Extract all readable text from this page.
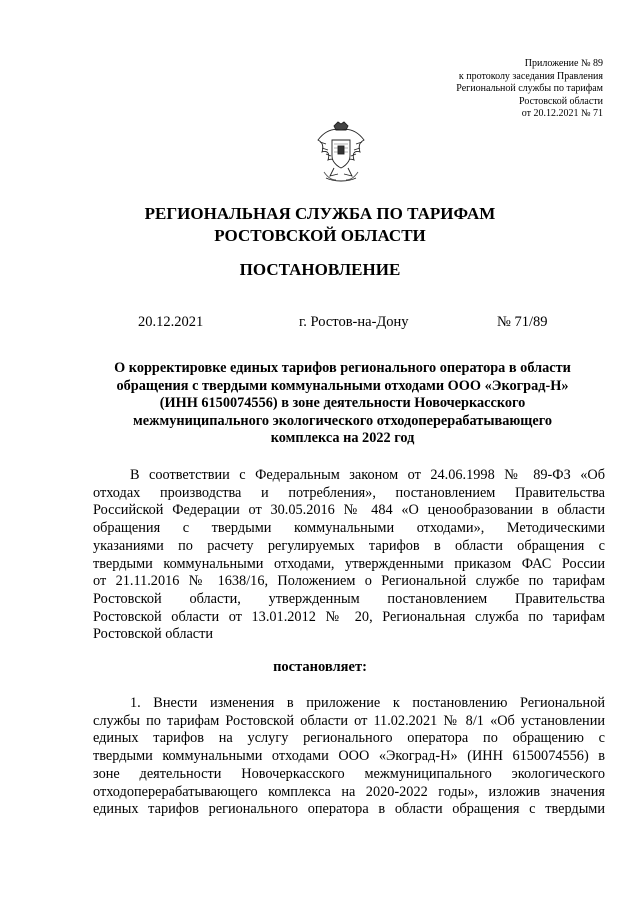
Приложение № 89
к протоколу заседания Правления
Региональной службы по тарифам
Ростовской области
от 20.12.2021 № 71
РЕГИОНАЛЬНАЯ СЛУЖБА ПО ТАРИФАМ
РОСТОВСКОЙ ОБЛАСТИ
ПОСТАНОВЛЕНИЕ
20.12.2021	г. Ростов-на-Дону	№ 71/89
О корректировке единых тарифов регионального оператора в области
обращения с твердыми коммунальными отходами ООО «Экоград-Н»
(ИНН 6150074556) в зоне деятельности Новочеркасского
межмуниципального экологического отходоперерабатывающего
комплекса на 2022 год
В соответствии с Федеральным законом от 24.06.1998 № 89-ФЗ «Об
отходах производства и потребления», постановлением Правительства
Российской Федерации от 30.05.2016 № 484 «О ценообразовании в области
обращения с твердыми коммунальными отходами», Методическими
указаниями по расчету регулируемых тарифов в области обращения с
твердыми коммунальными отходами, утвержденными приказом ФАС России
от 21.11.2016 № 1638/16, Положением о Региональной службе по тарифам
Ростовской области, утвержденным постановлением Правительства
Ростовской области от 13.01.2012 № 20, Региональная служба по тарифам
Ростовской области
постановляет:
1. Внести изменения в приложение к постановлению Региональной
службы по тарифам Ростовской области от 11.02.2021 № 8/1 «Об установлении
единых тарифов на услугу регионального оператора по обращению с
твердыми коммунальными отходами ООО «Экоград-Н» (ИНН 6150074556) в
зоне деятельности Новочеркасского межмуниципального экологического
отходоперерабатывающего комплекса на 2020-2022 годы», изложив значения
единых тарифов регионального оператора в области обращения с твердыми
